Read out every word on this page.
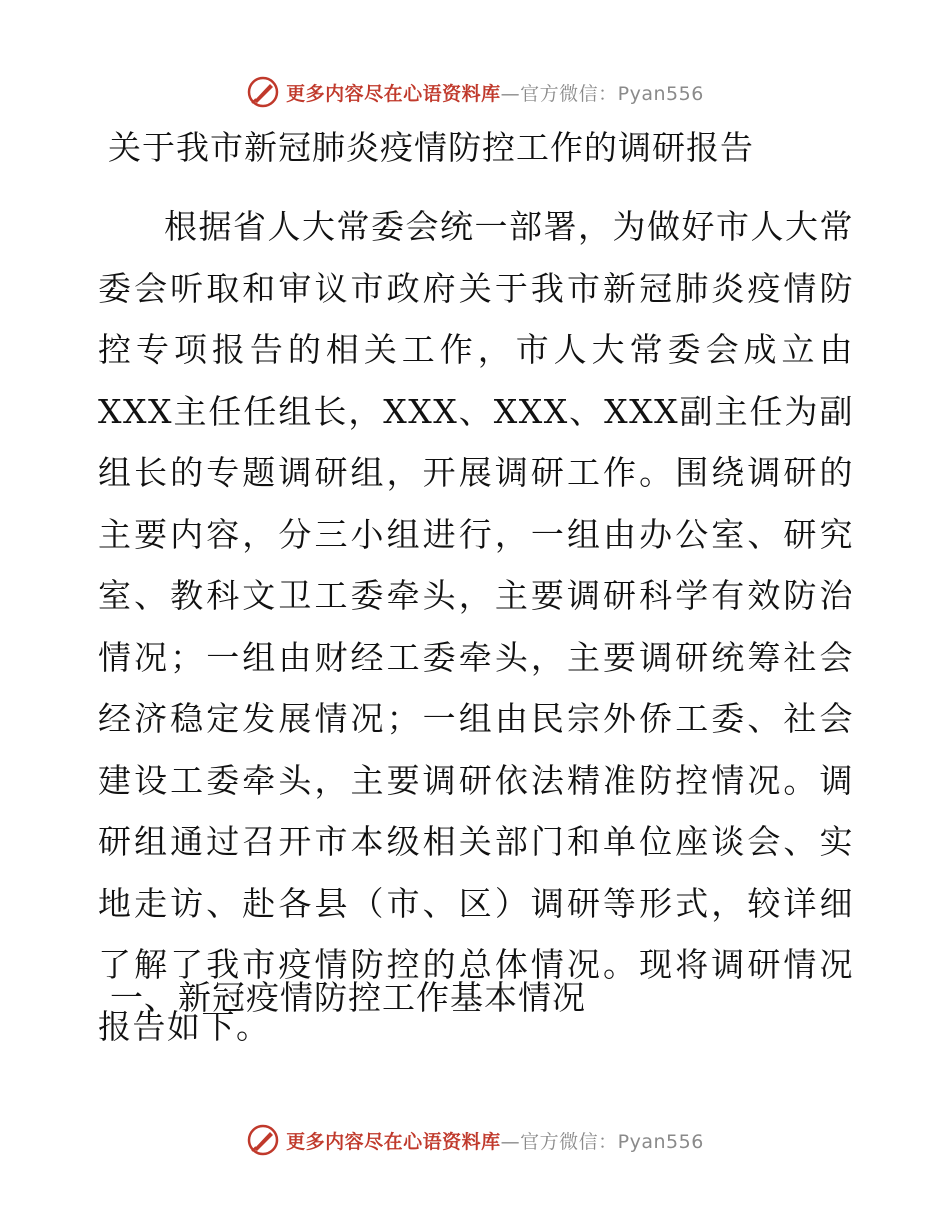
更多内容尽在心语资料库 —官方微信：Pyan556
关于我市新冠肺炎疫情防控工作的调研报告

根据省人大常委会统一部署，为做好市人大常委会听取和审议市政府关于我市新冠肺炎疫情防控专项报告的相关工作，市人大常委会成立由XXX主任任组长，XXX、XXX、XXX副主任为副组长的专题调研组，开展调研工作。围绕调研的主要内容，分三小组进行，一组由办公室、研究室、教科文卫工委牵头，主要调研科学有效防治情况；一组由财经工委牵头，主要调研统筹社会经济稳定发展情况；一组由民宗外侨工委、社会建设工委牵头，主要调研依法精准防控情况。调研组通过召开市本级相关部门和单位座谈会、实地走访、赴各县（市、区）调研等形式，较详细了解了我市疫情防控的总体情况。现将调研情况报告如下。

一、新冠疫情防控工作基本情况
更多内容尽在心语资料库 —官方微信：Pyan556
